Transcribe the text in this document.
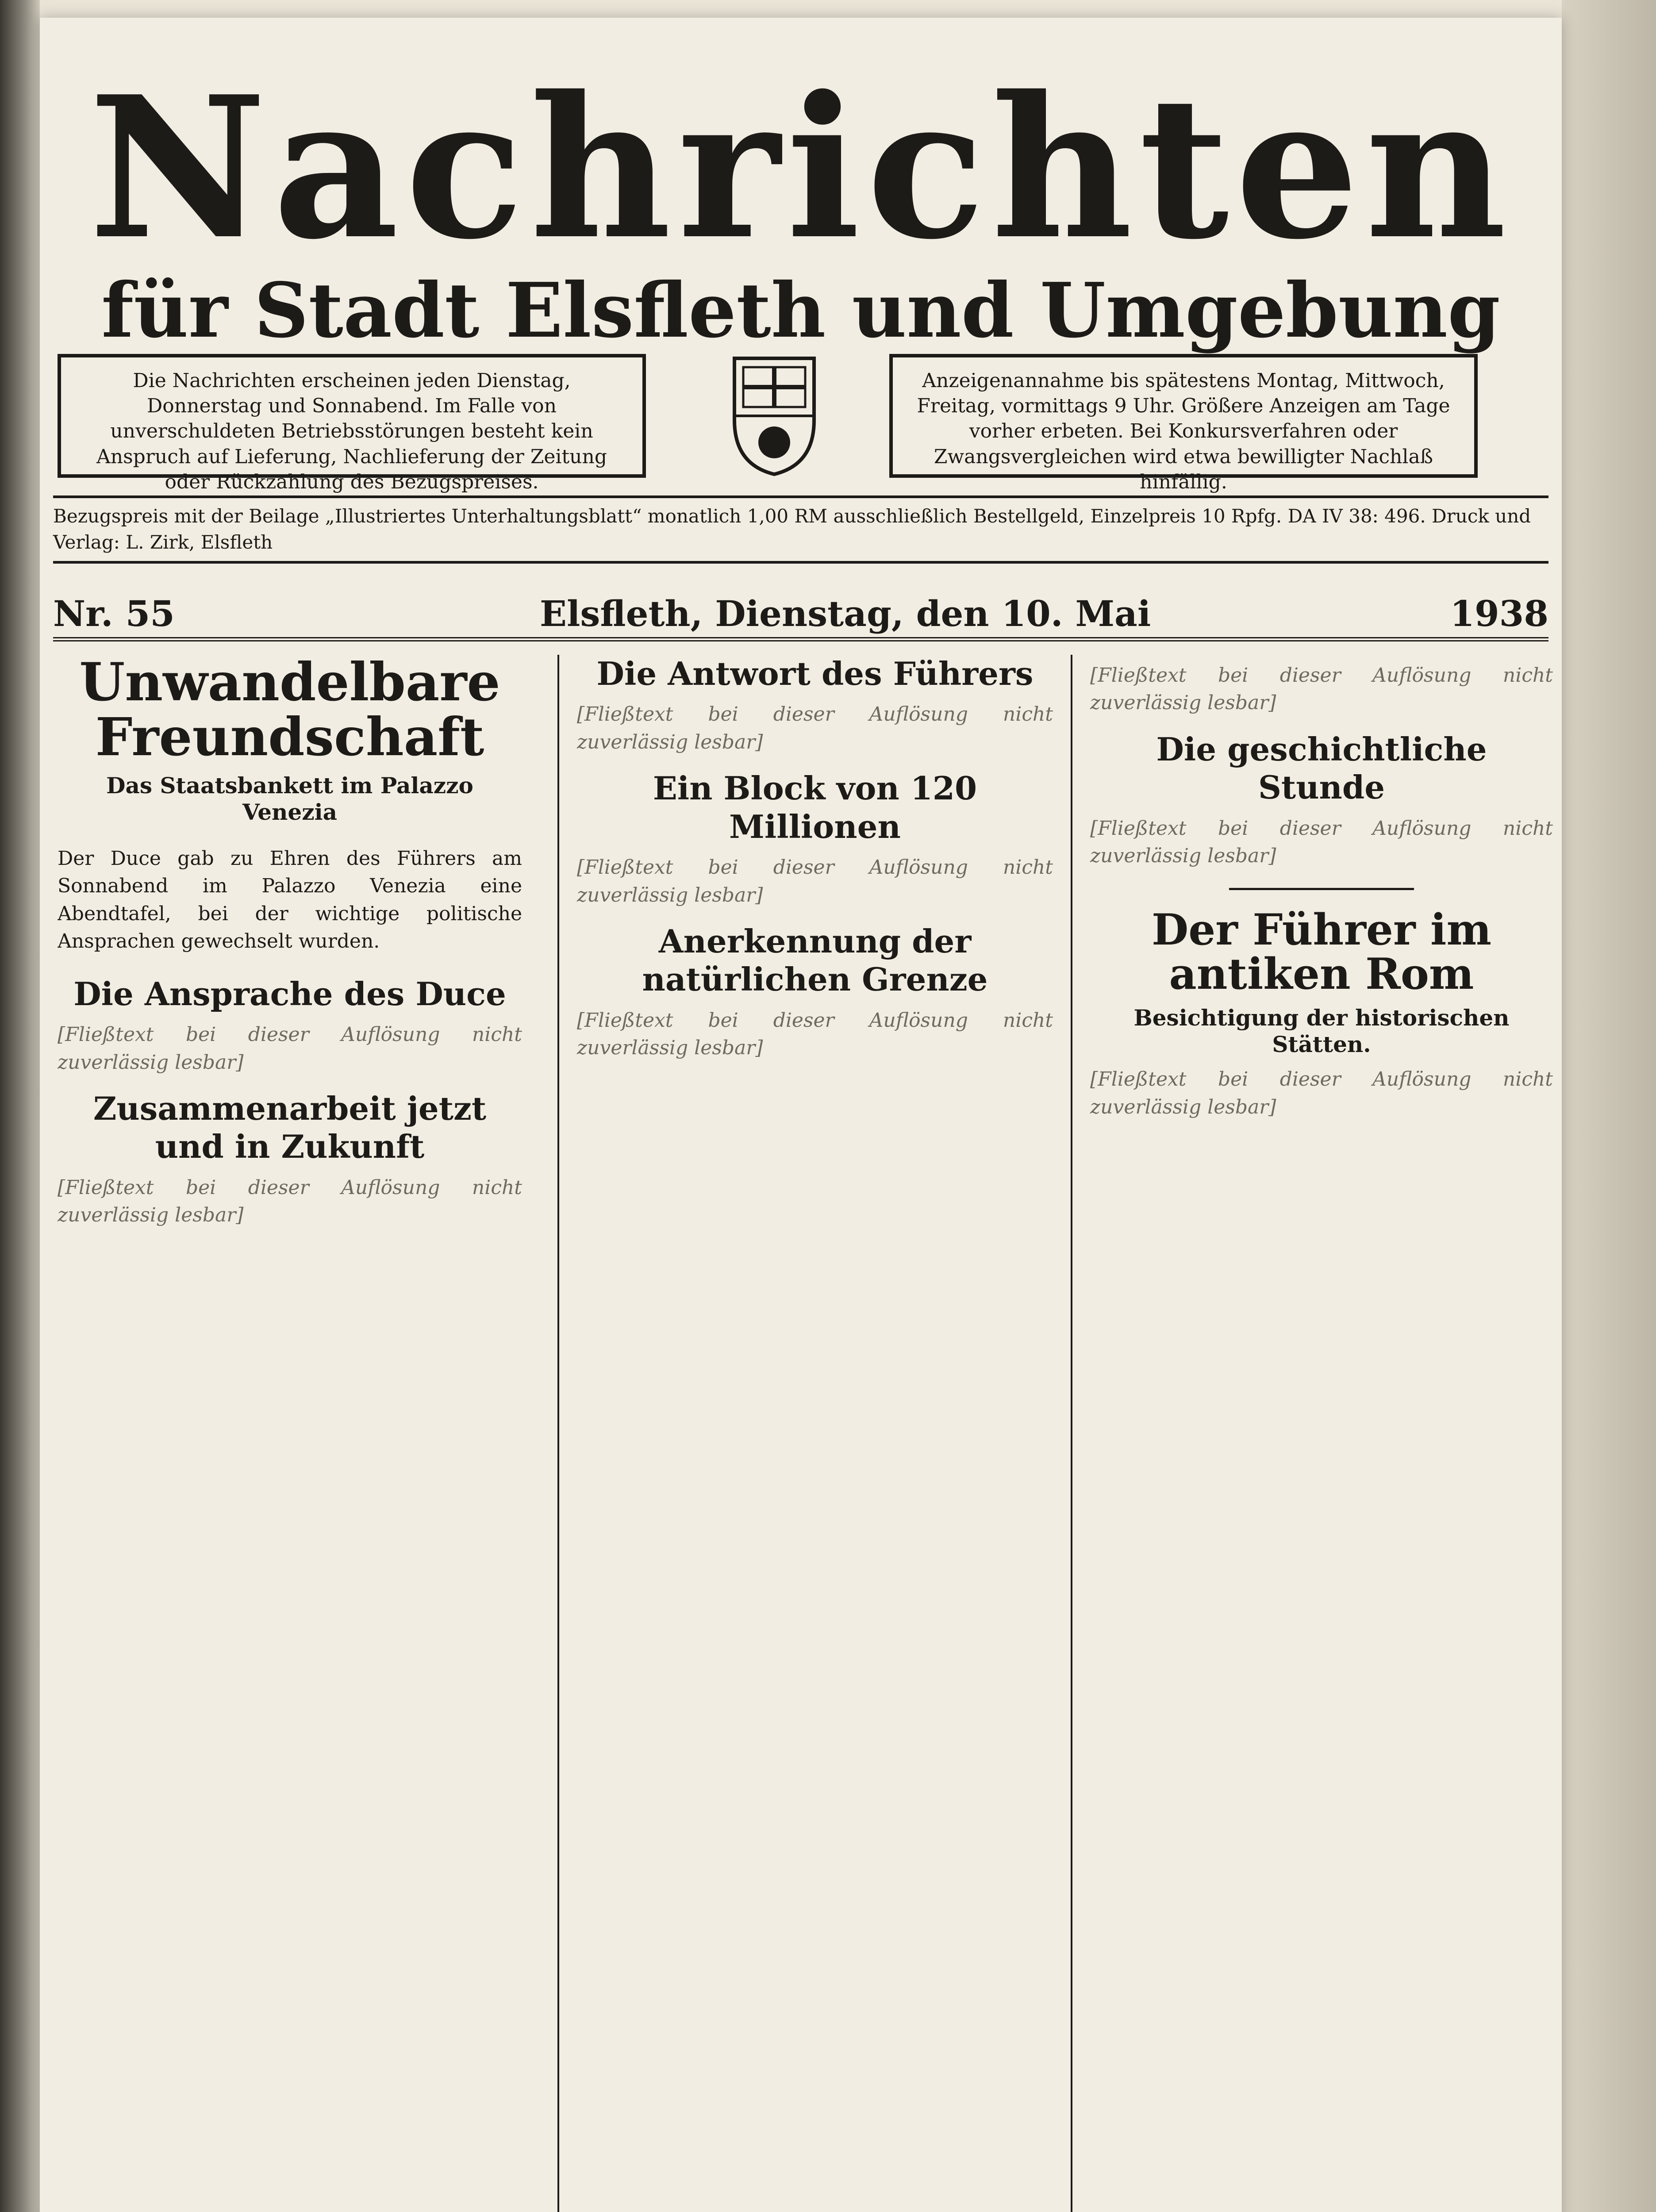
Nachrichten
für Stadt Elsfleth und Umgebung
Die Nachrichten erscheinen jeden Dienstag, Donnerstag und Sonnabend. Im Falle von unverschuldeten Betriebsstörungen besteht kein Anspruch auf Lieferung, Nachlieferung der Zeitung oder Rückzahlung des Bezugspreises.
Anzeigenannahme bis spätestens Montag, Mittwoch, Freitag, vormittags 9 Uhr. Größere Anzeigen am Tage vorher erbeten. Bei Konkursverfahren oder Zwangsvergleichen wird etwa bewilligter Nachlaß hinfällig.
Bezugspreis mit der Beilage „Illustriertes Unterhaltungsblatt“ monatlich 1,00 RM ausschließlich Bestellgeld, Einzelpreis 10 Rpfg. DA IV 38: 496. Druck und Verlag: L. Zirk, Elsfleth
Nr. 55	Elsfleth, Dienstag, den 10. Mai	1938
Unwandelbare Freundschaft
Das Staatsbankett im Palazzo Venezia

Der Duce gab zu Ehren des Führers am Sonnabend im Palazzo Venezia eine Abendtafel, bei der wichtige politische Ansprachen gewechselt wurden.

Die Ansprache des Duce

[Fließtext bei dieser Auflösung nicht zuverlässig lesbar]

Zusammenarbeit jetzt und in Zukunft

[Fließtext bei dieser Auflösung nicht zuverlässig lesbar]

Die Antwort des Führers

[Fließtext bei dieser Auflösung nicht zuverlässig lesbar]

Ein Block von 120 Millionen

[Fließtext bei dieser Auflösung nicht zuverlässig lesbar]

Anerkennung der natürlichen Grenze

[Fließtext bei dieser Auflösung nicht zuverlässig lesbar]

[Fließtext bei dieser Auflösung nicht zuverlässig lesbar]

Die geschichtliche Stunde

[Fließtext bei dieser Auflösung nicht zuverlässig lesbar]

Der Führer im antiken Rom
Besichtigung der historischen Stätten.

[Fließtext bei dieser Auflösung nicht zuverlässig lesbar]
